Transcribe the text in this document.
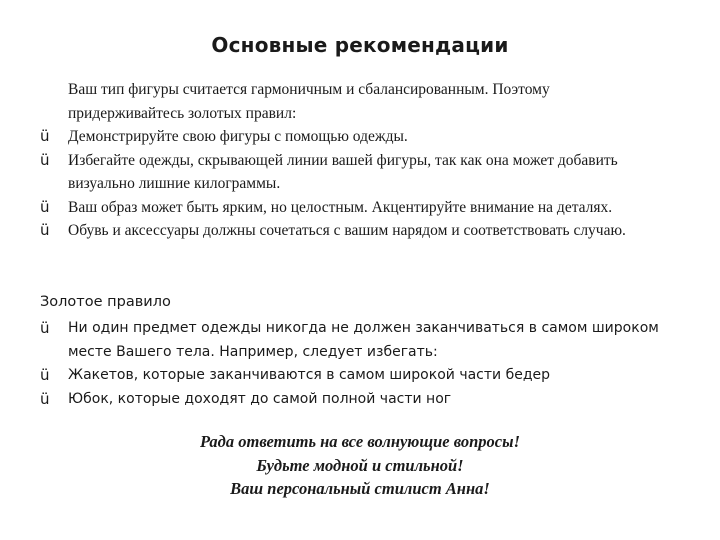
Основные рекомендации
Ваш тип фигуры считается гармоничным и сбалансированным. Поэтому придерживайтесь золотых правил:
ü Демонстрируйте свою фигуры с помощью одежды.
ü Избегайте одежды, скрывающей линии вашей фигуры, так как она может добавить визуально лишние килограммы.
ü Ваш образ может быть ярким, но целостным. Акцентируйте внимание на деталях.
ü Обувь и аксессуары должны сочетаться с вашим нарядом и соответствовать случаю.
Золотое правило
ü Ни один предмет одежды никогда не должен заканчиваться в самом широком месте Вашего тела. Например, следует избегать:
ü Жакетов, которые заканчиваются в самом широкой части бедер
ü Юбок, которые доходят до самой полной части ног
Рада ответить на все волнующие вопросы!
Будьте модной и стильной!
Ваш персональный стилист Анна!
